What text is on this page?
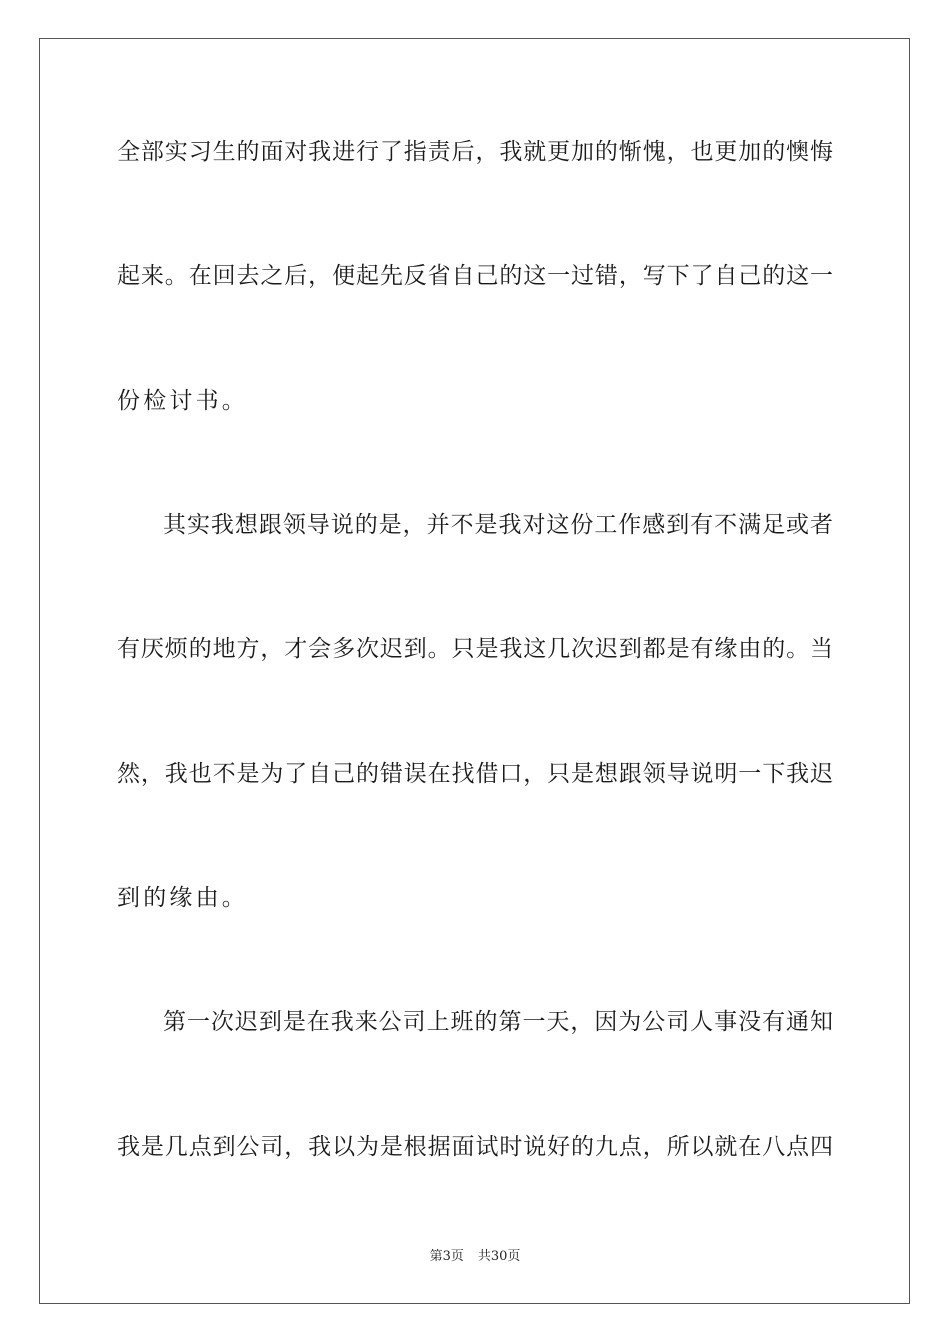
全部实习生的面对我进行了指责后，我就更加的惭愧，也更加的懊悔
起来。在回去之后，便起先反省自己的这一过错，写下了自己的这一
份检讨书。
其实我想跟领导说的是，并不是我对这份工作感到有不满足或者
有厌烦的地方，才会多次迟到。只是我这几次迟到都是有缘由的。当
然，我也不是为了自己的错误在找借口，只是想跟领导说明一下我迟
到的缘由。
第一次迟到是在我来公司上班的第一天，因为公司人事没有通知
我是几点到公司，我以为是根据面试时说好的九点，所以就在八点四
第3页 共30页
